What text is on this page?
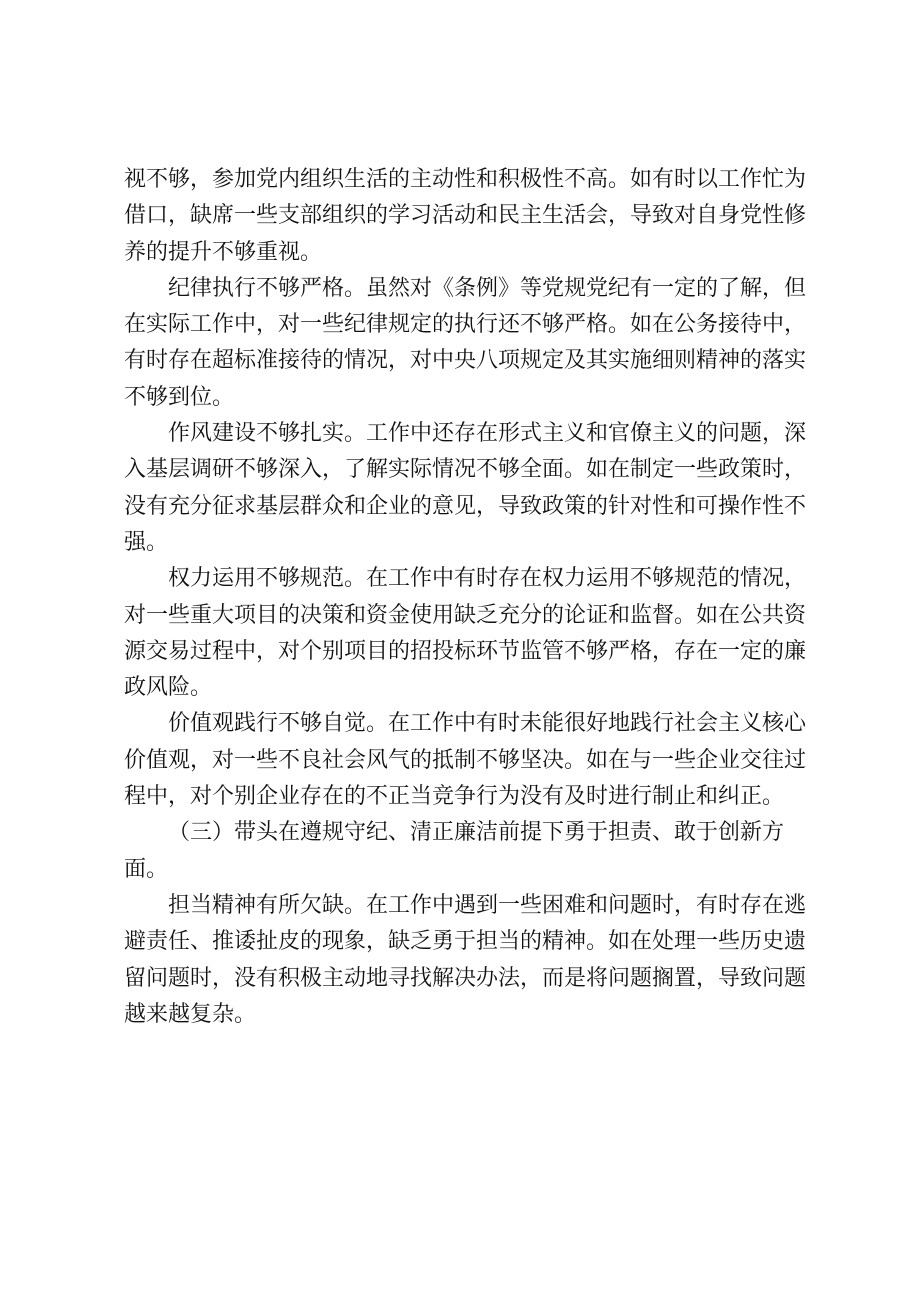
视不够，参加党内组织生活的主动性和积极性不高。如有时以工作忙为借口，缺席一些支部组织的学习活动和民主生活会，导致对自身党性修养的提升不够重视。

纪律执行不够严格。虽然对《条例》等党规党纪有一定的了解，但在实际工作中，对一些纪律规定的执行还不够严格。如在公务接待中，有时存在超标准接待的情况，对中央八项规定及其实施细则精神的落实不够到位。

作风建设不够扎实。工作中还存在形式主义和官僚主义的问题，深入基层调研不够深入，了解实际情况不够全面。如在制定一些政策时，没有充分征求基层群众和企业的意见，导致政策的针对性和可操作性不强。

权力运用不够规范。在工作中有时存在权力运用不够规范的情况，对一些重大项目的决策和资金使用缺乏充分的论证和监督。如在公共资源交易过程中，对个别项目的招投标环节监管不够严格，存在一定的廉政风险。

价值观践行不够自觉。在工作中有时未能很好地践行社会主义核心价值观，对一些不良社会风气的抵制不够坚决。如在与一些企业交往过程中，对个别企业存在的不正当竞争行为没有及时进行制止和纠正。

（三）带头在遵规守纪、清正廉洁前提下勇于担责、敢于创新方面。

担当精神有所欠缺。在工作中遇到一些困难和问题时，有时存在逃避责任、推诿扯皮的现象，缺乏勇于担当的精神。如在处理一些历史遗留问题时，没有积极主动地寻找解决办法，而是将问题搁置，导致问题越来越复杂。
